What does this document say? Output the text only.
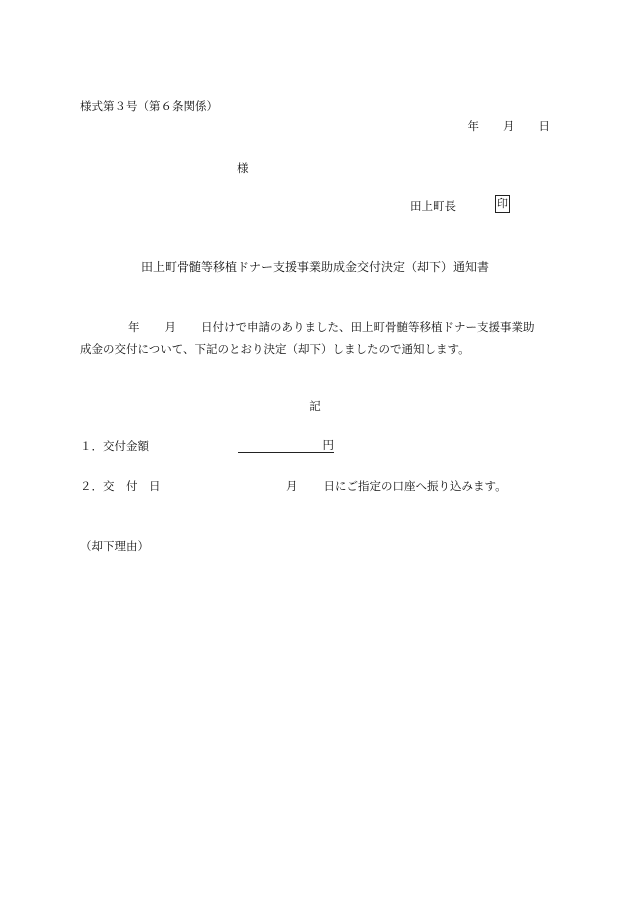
様式第３号（第６条関係）
年 月 日
様
田上町長	印
田上町骨髄等移植ドナー支援事業助成金交付決定（却下）通知書
年 月 日付けで申請のありました、田上町骨髄等移植ドナー支援事業助
成金の交付について、下記のとおり決定（却下）しましたので通知します。
記
１．交付金額	円
２．交　付　日	月 日にご指定の口座へ振り込みます。
（却下理由）
